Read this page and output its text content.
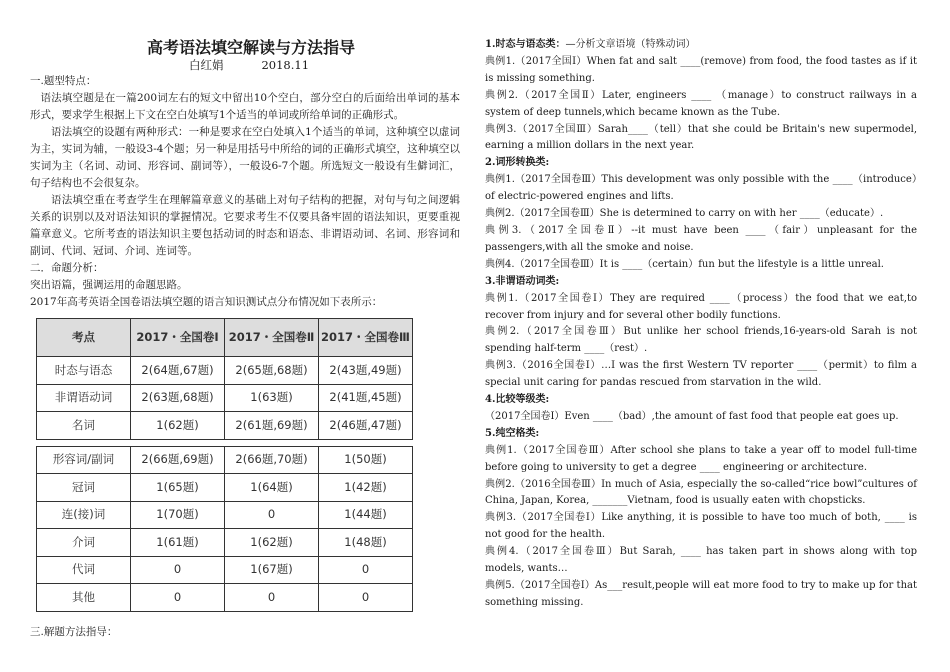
高考语法填空解读与方法指导
白红娟	2018.11
一.题型特点：
语法填空题是在一篇200词左右的短文中留出10个空白，部分空白的后面给出单词的基本形式，要求学生根据上下文在空白处填写1个适当的单词或所给单词的正确形式。
语法填空的设题有两种形式：一种是要求在空白处填入1个适当的单词，这种填空以虚词为主，实词为辅，一般设3-4个题；另一种是用括号中所给的词的正确形式填空，这种填空以实词为主（名词、动词、形容词、副词等），一般设6-7个题。所选短文一般设有生僻词汇，句子结构也不会很复杂。
语法填空重在考查学生在理解篇章意义的基础上对句子结构的把握，对句与句之间逻辑关系的识别以及对语法知识的掌握情况。它要求考生不仅要具备牢固的语法知识，更要重视篇章意义。它所考查的语法知识主要包括动词的时态和语态、非谓语动词、名词、形容词和副词、代词、冠词、介词、连词等。
二．命题分析：
突出语篇，强调运用的命题思路。
2017年高考英语全国卷语法填空题的语言知识测试点分布情况如下表所示：
考点	2017・全国卷Ⅰ	2017・全国卷Ⅱ	2017・全国卷Ⅲ
时态与语态	2(64题,67题)	2(65题,68题)	2(43题,49题)
非谓语动词	2(63题,68题)	1(63题)	2(41题,45题)
名词	1(62题)	2(61题,69题)	2(46题,47题)

形容词/副词	2(66题,69题)	2(66题,70题)	1(50题)
冠词	1(65题)	1(64题)	1(42题)
连(接)词	1(70题)	0	1(44题)
介词	1(61题)	1(62题)	1(48题)
代词	0	1(67题)	0
其他	0	0	0
三.解题方法指导：
1.时态与语态类：—分析文章语境（特殊动词）
典例1.（2017全国Ⅰ）When fat and salt ____(remove) from food, the food tastes as if it is missing something.
典例2.（2017全国Ⅱ）Later, engineers ____ （manage）to construct railways in a system of deep tunnels,which became known as the Tube.
典例3.（2017全国Ⅲ）Sarah____（tell）that she could be Britain's new supermodel, earning a million dollars in the next year.
2.词形转换类:
典例1.（2017全国卷Ⅲ）This development was only possible with the ____（introduce）of electric-powered engines and lifts.
典例2.（2017全国卷Ⅲ）She is determined to carry on with her ____（educate）.
典例3.（2017全国卷Ⅱ）--it must have been ____（fair）unpleasant for the passengers,with all the smoke and noise.
典例4.（2017全国卷Ⅲ）It is ____（certain）fun but the lifestyle is a little unreal.
3.非谓语动词类:
典例1.（2017全国卷Ⅰ）They are required ____（process）the food that we eat,to recover from injury and for several other bodily functions.
典例2.（2017全国卷Ⅲ）But unlike her school friends,16-years-old Sarah is not spending half-term ____（rest）.
典例3.（2016全国卷Ⅰ）…I was the first Western TV reporter ____（permit）to film a special unit caring for pandas rescued from starvation in the wild.
4.比较等级类:
（2017全国卷Ⅰ）Even ____（bad）,the amount of fast food that people eat goes up.
5.纯空格类:
典例1.（2017全国卷Ⅲ）After school she plans to take a year off to model full-time before going to university to get a degree ____ engineering or architecture.
典例2.（2016全国卷Ⅲ）In much of Asia, especially the so-called“rice bowl”cultures of China, Japan, Korea, _______Vietnam, food is usually eaten with chopsticks.
典例3.（2017全国卷Ⅰ）Like anything, it is possible to have too much of both, ____ is not good for the health.
典例4.（2017全国卷Ⅲ）But Sarah, ____ has taken part in shows along with top models, wants…
典例5.（2017全国卷Ⅰ）As___result,people will eat more food to try to make up for that something missing.
